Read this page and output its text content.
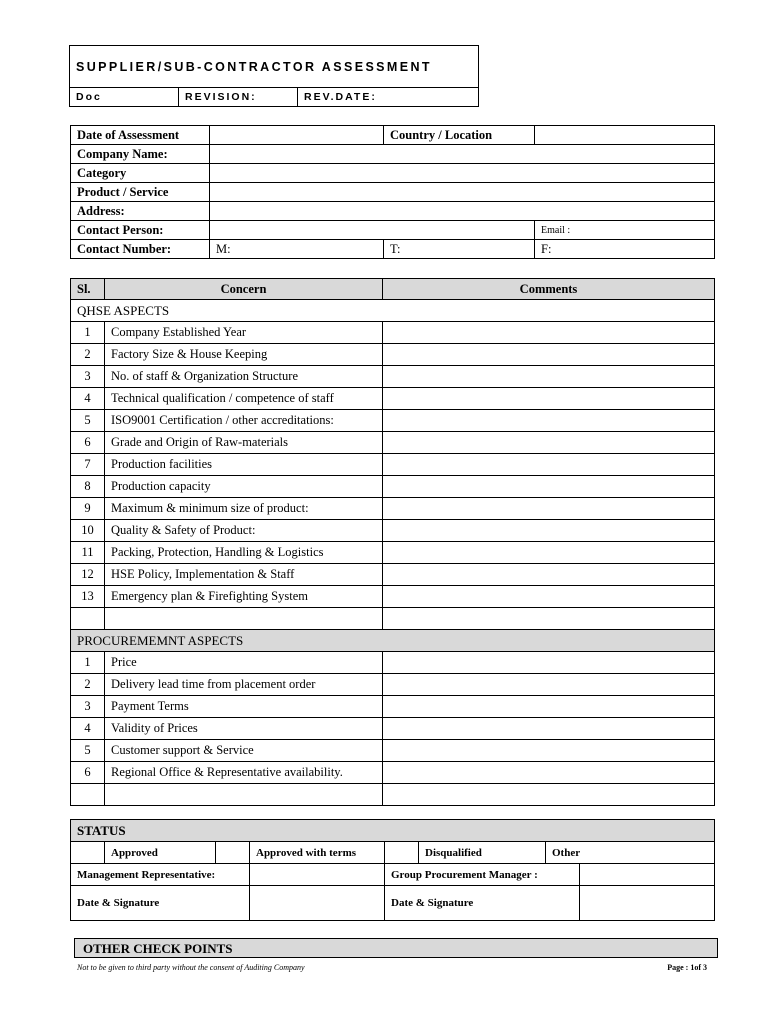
SUPPLIER/SUB-CONTRACTOR ASSESSMENT
Doc	REVISION:	REV.DATE:
Date of Assessment		Country / Location	
Company Name:			
Category			
Product / Service			
Address:			
Contact Person:			Email :
Contact Number:	M:	T:	F:
Sl.	Concern	Comments
QHSE ASPECTS		
1	Company Established Year	
2	Factory Size & House Keeping	
3	No. of staff & Organization Structure	
4	Technical qualification / competence of staff	
5	ISO9001 Certification / other accreditations:	
6	Grade and Origin of Raw-materials	
7	Production facilities	
8	Production capacity	
9	Maximum & minimum size of product:	
10	Quality & Safety of Product:	
11	Packing, Protection, Handling & Logistics	
12	HSE Policy, Implementation & Staff	
13	Emergency plan & Firefighting System	

PROCUREMEMNT ASPECTS		
1	Price	
2	Delivery lead time from placement order	
3	Payment Terms	
4	Validity of Prices	
5	Customer support & Service	
6	Regional Office & Representative availability.	

STATUS							
	Approved		Approved with terms		Disqualified	Other	
Management Representative:				Group Procurement Manager :			
Date & Signature				Date & Signature			
OTHER CHECK POINTS
Not to be given to third party without the consent of Auditing Company	Page : 1of 3
